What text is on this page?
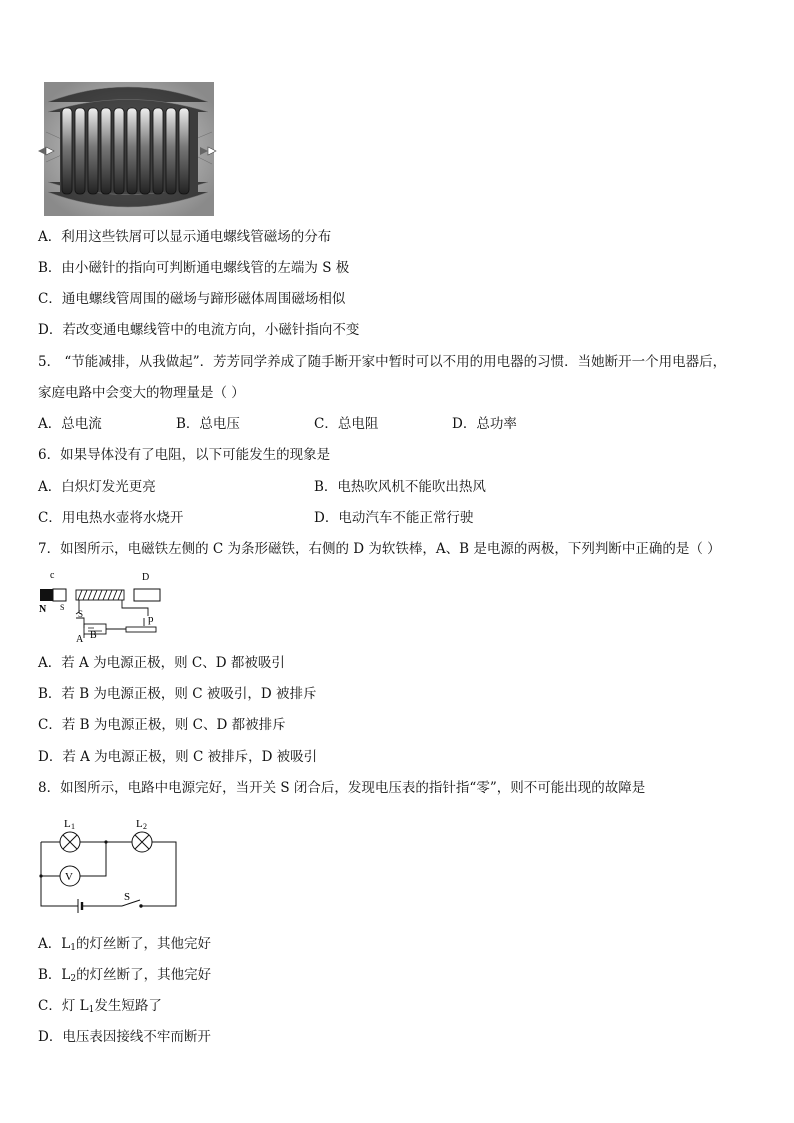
A．利用这些铁屑可以显示通电螺线管磁场的分布
B．由小磁针的指向可判断通电螺线管的左端为 S 极
C．通电螺线管周围的磁场与蹄形磁体周围磁场相似
D．若改变通电螺线管中的电流方向，小磁针指向不变
5． “节能减排，从我做起”．芳芳同学养成了随手断开家中暂时可以不用的用电器的习惯．当她断开一个用电器后，
家庭电路中会变大的物理量是（ ）
A．总电流	B．总电压	C．总电阻	D．总功率
6．如果导体没有了电阻，以下可能发生的现象是
A．白炽灯发光更亮	B．电热吹风机不能吹出热风
C．用电热水壶将水烧开	D．电动汽车不能正常行驶
7．如图所示，电磁铁左侧的 C 为条形磁铁，右侧的 D 为软铁棒，A、B 是电源的两极，下列判断中正确的是（ ）
c	D
N S
S	p
A B
A．若 A 为电源正极，则 C、D 都被吸引
B．若 B 为电源正极，则 C 被吸引，D 被排斥
C．若 B 为电源正极，则 C、D 都被排斥
D．若 A 为电源正极，则 C 被排斥，D 被吸引
8．如图所示，电路中电源完好，当开关 S 闭合后，发现电压表的指针指“零”，则不可能出现的故障是
V
L 1	L 2
S
A．$L_1$的灯丝断了，其他完好
B．$L_2$的灯丝断了，其他完好
C．灯 $L_1$发生短路了
D．电压表因接线不牢而断开
